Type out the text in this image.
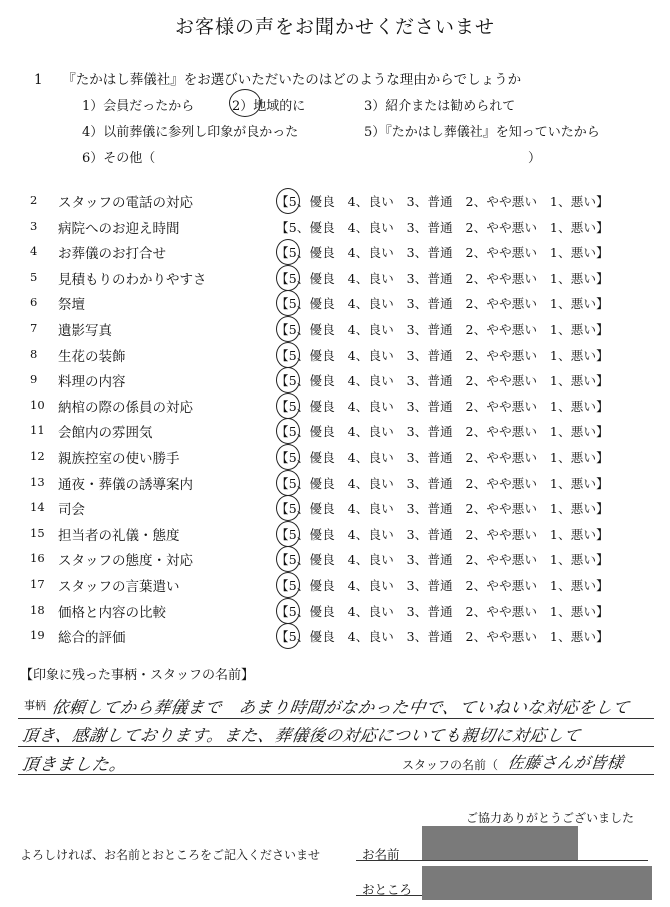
お客様の声をお聞かせくださいませ
1 『たかはし葬儀社』をお選びいただいたのはどのような理由からでしょうか
1）会員だったから	2）地域的に	3）紹介または勧められて
4）以前葬儀に参列し印象が良かった	5）『たかはし葬儀社』を知っていたから
6）その他（	）
2	スタッフの電話の対応	【5、優良　4、良い　3、普通　2、やや悪い　1、悪い】
3	病院へのお迎え時間	【5、優良　4、良い　3、普通　2、やや悪い　1、悪い】
4	お葬儀のお打合せ	【5、優良　4、良い　3、普通　2、やや悪い　1、悪い】
5	見積もりのわかりやすさ	【5、優良　4、良い　3、普通　2、やや悪い　1、悪い】
6	祭壇	【5、優良　4、良い　3、普通　2、やや悪い　1、悪い】
7	遺影写真	【5、優良　4、良い　3、普通　2、やや悪い　1、悪い】
8	生花の装飾	【5、優良　4、良い　3、普通　2、やや悪い　1、悪い】
9	料理の内容	【5、優良　4、良い　3、普通　2、やや悪い　1、悪い】
10 納棺の際の係員の対応	【5、優良　4、良い　3、普通　2、やや悪い　1、悪い】
11 会館内の雰囲気	【5、優良　4、良い　3、普通　2、やや悪い　1、悪い】
12 親族控室の使い勝手	【5、優良　4、良い　3、普通　2、やや悪い　1、悪い】
13 通夜・葬儀の誘導案内	【5、優良　4、良い　3、普通　2、やや悪い　1、悪い】
14 司会	【5、優良　4、良い　3、普通　2、やや悪い　1、悪い】
15 担当者の礼儀・態度	【5、優良　4、良い　3、普通　2、やや悪い　1、悪い】
16 スタッフの態度・対応	【5、優良　4、良い　3、普通　2、やや悪い　1、悪い】
17 スタッフの言葉遣い	【5、優良　4、良い　3、普通　2、やや悪い　1、悪い】
18 価格と内容の比較	【5、優良　4、良い　3、普通　2、やや悪い　1、悪い】
19 総合的評価	【5、優良　4、良い　3、普通　2、やや悪い　1、悪い】
【印象に残った事柄・スタッフの名前】
事柄 依頼してから葬儀まで　あまり時間がなかった中で、ていねいな対応をして
頂き、感謝しております。また、葬儀後の対応についても親切に対応して
頂きました。	スタッフの名前（ 佐藤さんが皆様
ご協力ありがとうございました
よろしければ、お名前とおところをご記入くださいませ	お名前
おところ
